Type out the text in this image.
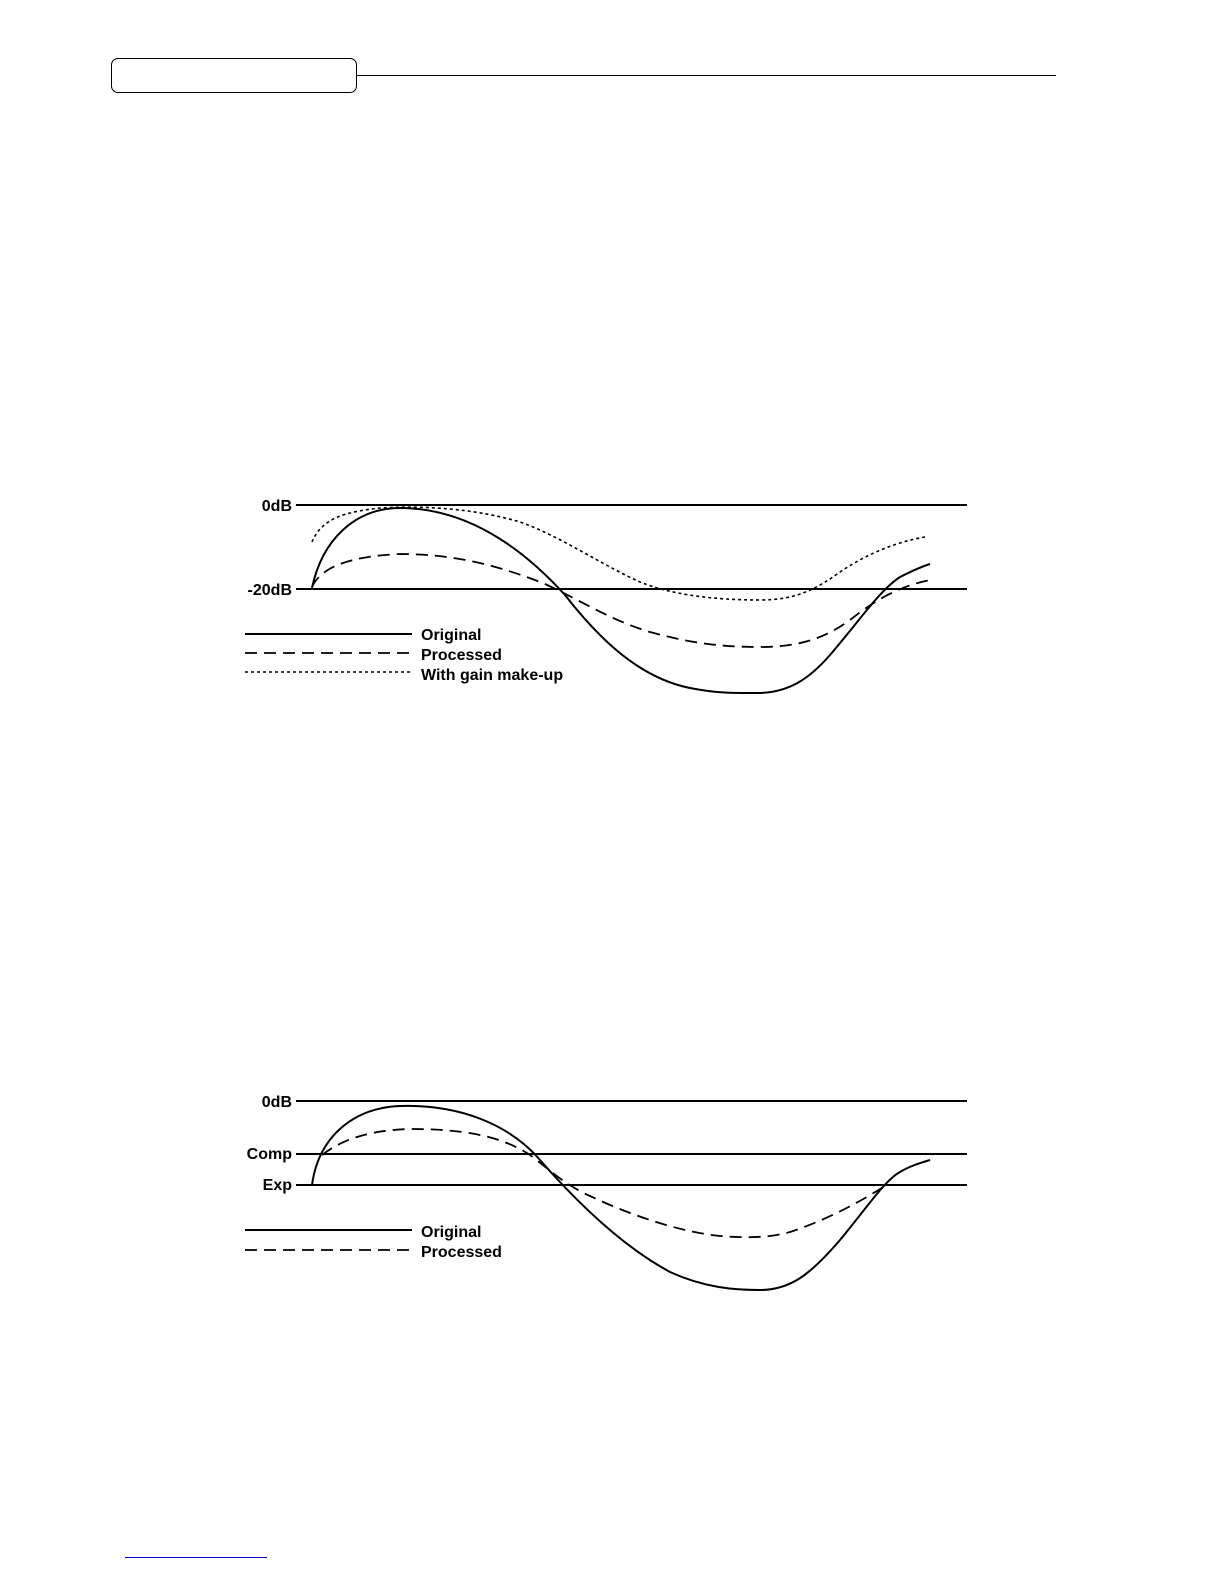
0dB
-20dB
Original
Processed
With gain make-up
0dB
Comp
Exp
Original
Processed
